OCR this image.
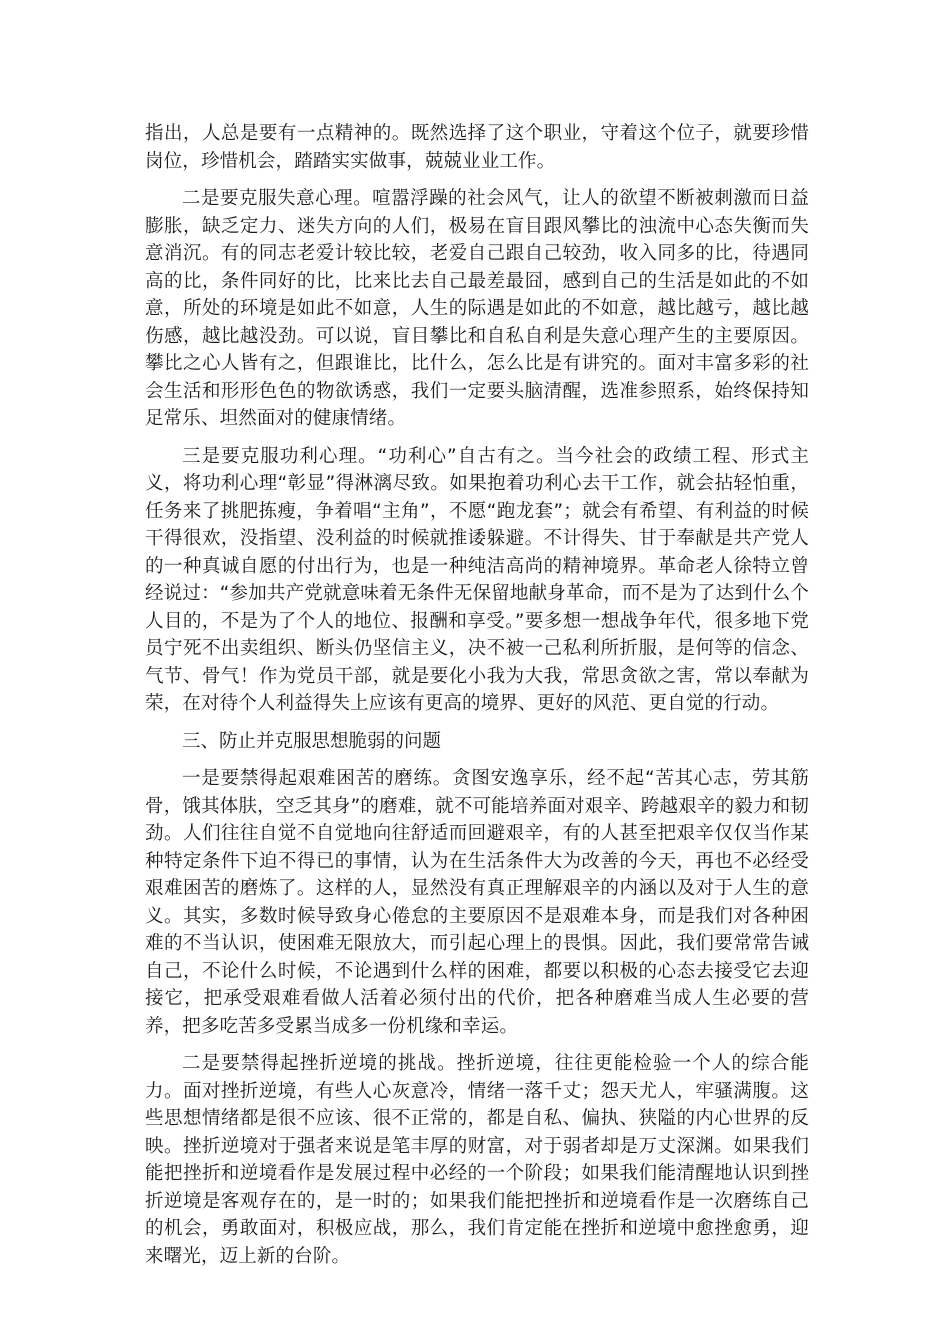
指出，人总是要有一点精神的。既然选择了这个职业，守着这个位子，就要珍惜岗位，珍惜机会，踏踏实实做事，兢兢业业工作。

二是要克服失意心理。喧嚣浮躁的社会风气，让人的欲望不断被刺激而日益膨胀，缺乏定力、迷失方向的人们，极易在盲目跟风攀比的浊流中心态失衡而失意消沉。有的同志老爱计较比较，老爱自己跟自己较劲，收入同多的比，待遇同高的比，条件同好的比，比来比去自己最差最囧，感到自己的生活是如此的不如意，所处的环境是如此不如意，人生的际遇是如此的不如意，越比越亏，越比越伤感，越比越没劲。可以说，盲目攀比和自私自利是失意心理产生的主要原因。攀比之心人皆有之，但跟谁比，比什么，怎么比是有讲究的。面对丰富多彩的社会生活和形形色色的物欲诱惑，我们一定要头脑清醒，选准参照系，始终保持知足常乐、坦然面对的健康情绪。

三是要克服功利心理。“功利心”自古有之。当今社会的政绩工程、形式主义，将功利心理“彰显”得淋漓尽致。如果抱着功利心去干工作，就会拈轻怕重，任务来了挑肥拣瘦，争着唱“主角”，不愿“跑龙套”；就会有希望、有利益的时候干得很欢，没指望、没利益的时候就推诿躲避。不计得失、甘于奉献是共产党人的一种真诚自愿的付出行为，也是一种纯洁高尚的精神境界。革命老人徐特立曾经说过：“参加共产党就意味着无条件无保留地献身革命，而不是为了达到什么个人目的，不是为了个人的地位、报酬和享受。”要多想一想战争年代，很多地下党员宁死不出卖组织、断头仍坚信主义，决不被一己私利所折服，是何等的信念、气节、骨气！作为党员干部，就是要化小我为大我，常思贪欲之害，常以奉献为荣，在对待个人利益得失上应该有更高的境界、更好的风范、更自觉的行动。

三、防止并克服思想脆弱的问题

一是要禁得起艰难困苦的磨练。贪图安逸享乐，经不起“苦其心志，劳其筋骨，饿其体肤，空乏其身”的磨难，就不可能培养面对艰辛、跨越艰辛的毅力和韧劲。人们往往自觉不自觉地向往舒适而回避艰辛，有的人甚至把艰辛仅仅当作某种特定条件下迫不得已的事情，认为在生活条件大为改善的今天，再也不必经受艰难困苦的磨炼了。这样的人，显然没有真正理解艰辛的内涵以及对于人生的意义。其实，多数时候导致身心倦怠的主要原因不是艰难本身，而是我们对各种困难的不当认识，使困难无限放大，而引起心理上的畏惧。因此，我们要常常告诫自己，不论什么时候，不论遇到什么样的困难，都要以积极的心态去接受它去迎接它，把承受艰难看做人活着必须付出的代价，把各种磨难当成人生必要的营养，把多吃苦多受累当成多一份机缘和幸运。

二是要禁得起挫折逆境的挑战。挫折逆境，往往更能检验一个人的综合能力。面对挫折逆境，有些人心灰意冷，情绪一落千丈；怨天尤人，牢骚满腹。这些思想情绪都是很不应该、很不正常的，都是自私、偏执、狭隘的内心世界的反映。挫折逆境对于强者来说是笔丰厚的财富，对于弱者却是万丈深渊。如果我们能把挫折和逆境看作是发展过程中必经的一个阶段；如果我们能清醒地认识到挫折逆境是客观存在的，是一时的；如果我们能把挫折和逆境看作是一次磨练自己的机会，勇敢面对，积极应战，那么，我们肯定能在挫折和逆境中愈挫愈勇，迎来曙光，迈上新的台阶。
